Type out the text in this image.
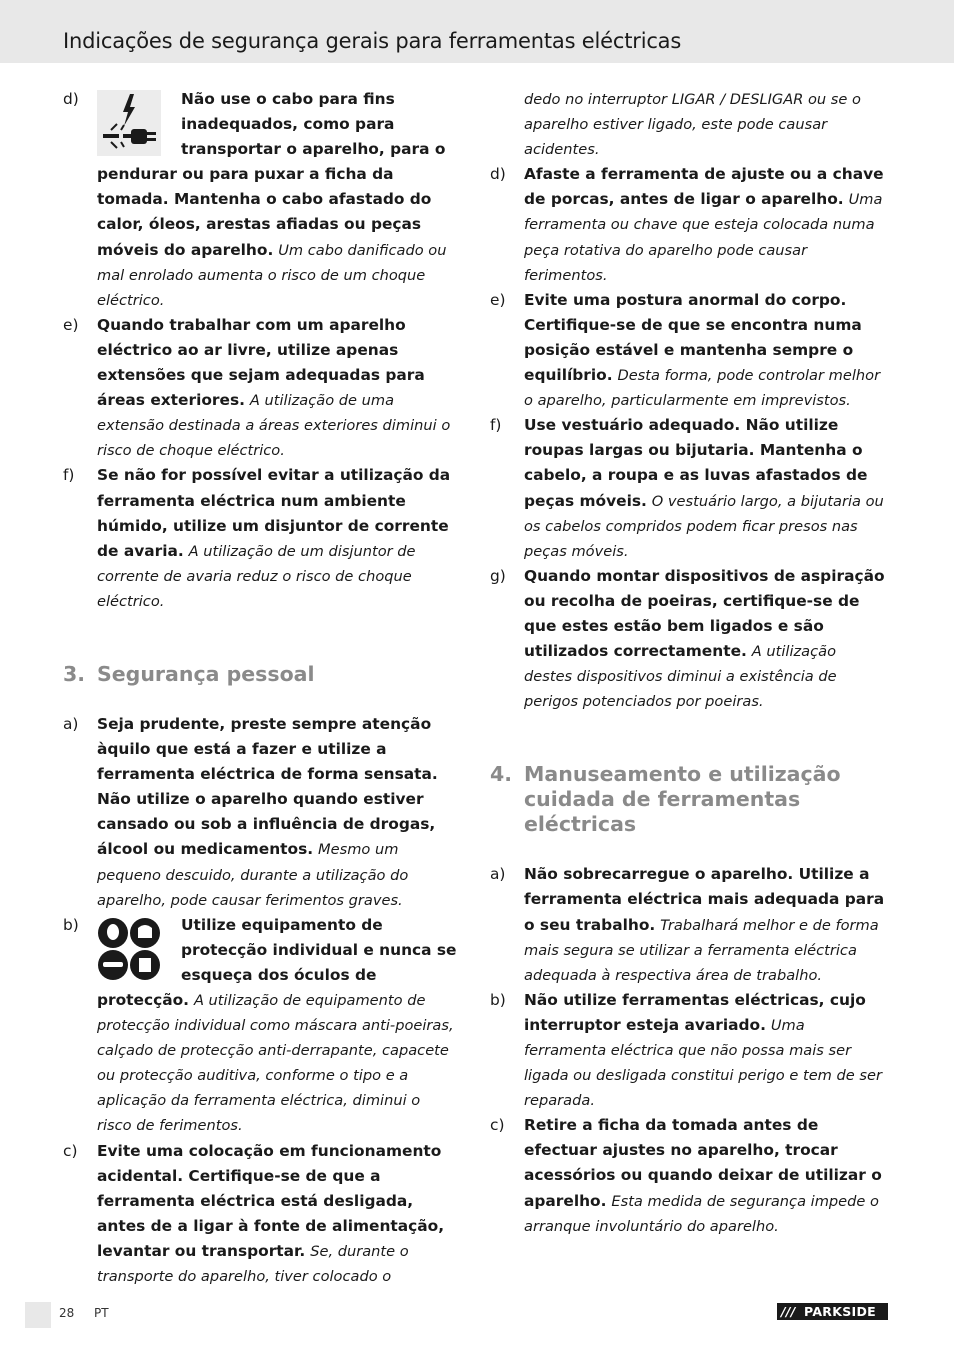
Indicações de segurança gerais para ferramentas eléctricas
d)	Não use o cabo para fins inadequados, como para transportar o aparelho, para o pendurar ou para puxar a ficha da tomada. Mantenha o cabo afastado do calor, óleos, arestas afiadas ou peças móveis do aparelho. Um cabo danificado ou mal enrolado aumenta o risco de um choque eléctrico.
e) Quando trabalhar com um aparelho eléctrico ao ar livre, utilize apenas extensões que sejam adequadas para áreas exteriores. A utilização de uma extensão destinada a áreas exteriores diminui o risco de choque eléctrico.
f) Se não for possível evitar a utilização da ferramenta eléctrica num ambiente húmido, utilize um disjuntor de corrente de avaria. A utilização de um disjuntor de corrente de avaria reduz o risco de choque eléctrico.
3. Segurança pessoal
a) Seja prudente, preste sempre atenção àquilo que está a fazer e utilize a ferramenta eléctrica de forma sensata. Não utilize o aparelho quando estiver cansado ou sob a influência de drogas, álcool ou medicamentos. Mesmo um pequeno descuido, durante a utilização do aparelho, pode causar ferimentos graves.
b)	Utilize equipamento de protecção individual e nunca se esqueça dos óculos de protecção. A utilização de equipamento de protecção individual como máscara anti-poeiras, calçado de protecção anti-derrapante, capacete ou protecção auditiva, conforme o tipo e a aplicação da ferramenta eléctrica, diminui o risco de ferimentos.
c) Evite uma colocação em funcionamento acidental. Certifique-se de que a ferramenta eléctrica está desligada, antes de a ligar à fonte de alimentação, levantar ou transportar. Se, durante o transporte do aparelho, tiver colocado o
dedo no interruptor LIGAR / DESLIGAR ou se o aparelho estiver ligado, este pode causar acidentes.
d) Afaste a ferramenta de ajuste ou a chave de porcas, antes de ligar o aparelho. Uma ferramenta ou chave que esteja colocada numa peça rotativa do aparelho pode causar ferimentos.
e) Evite uma postura anormal do corpo. Certifique-se de que se encontra numa posição estável e mantenha sempre o equilíbrio. Desta forma, pode controlar melhor o aparelho, particularmente em imprevistos.
f) Use vestuário adequado. Não utilize roupas largas ou bijutaria. Mantenha o cabelo, a roupa e as luvas afastados de peças móveis. O vestuário largo, a bijutaria ou os cabelos compridos podem ficar presos nas peças móveis.
g) Quando montar dispositivos de aspiração ou recolha de poeiras, certifique-se de que estes estão bem ligados e são utilizados correctamente. A utilização destes dispositivos diminui a existência de perigos potenciados por poeiras.
4. Manuseamento e utilização cuidada de ferramentas eléctricas
a) Não sobrecarregue o aparelho. Utilize a ferramenta eléctrica mais adequada para o seu trabalho. Trabalhará melhor e de forma mais segura se utilizar a ferramenta eléctrica adequada à respectiva área de trabalho.
b) Não utilize ferramentas eléctricas, cujo interruptor esteja avariado. Uma ferramenta eléctrica que não possa mais ser ligada ou desligada constitui perigo e tem de ser reparada.
c) Retire a ficha da tomada antes de efectuar ajustes no aparelho, trocar acessórios ou quando deixar de utilizar o aparelho. Esta medida de segurança impede o arranque involuntário do aparelho.
28 PT	/// PARKSIDE
